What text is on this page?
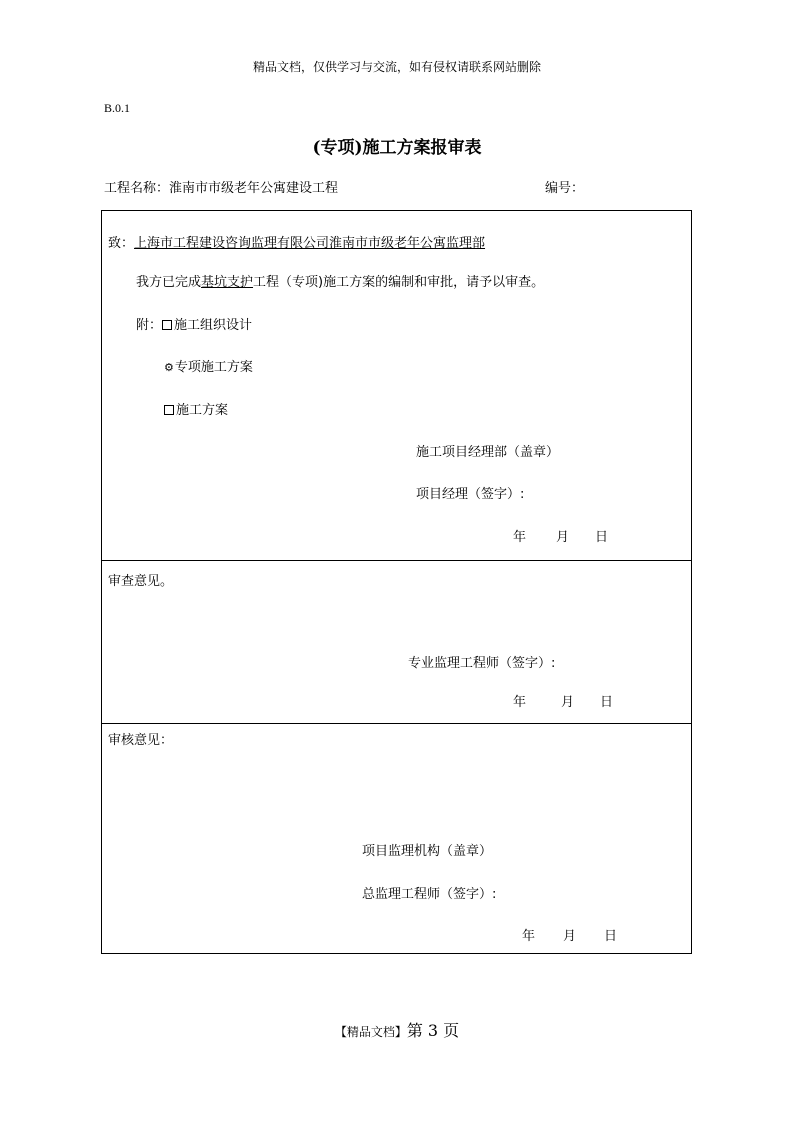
精品文档，仅供学习与交流，如有侵权请联系网站删除
B.0.1
(专项)施工方案报审表
工程名称：淮南市市级老年公寓建设工程	编号：
致：上海市工程建设咨询监理有限公司淮南市市级老年公寓监理部
我方已完成基坑支护工程（专项)施工方案的编制和审批，请予以审查。
附： 施工组织设计
⚙专项施工方案
施工方案
施工项目经理部（盖章）
项目经理（签字）:
年 月 日
审查意见。
专业监理工程师（签字）:
年	月 日
审核意见：
项目监理机构（盖章）
总监理工程师（签字）:
年 月 日
【精品文档】第 3 页
